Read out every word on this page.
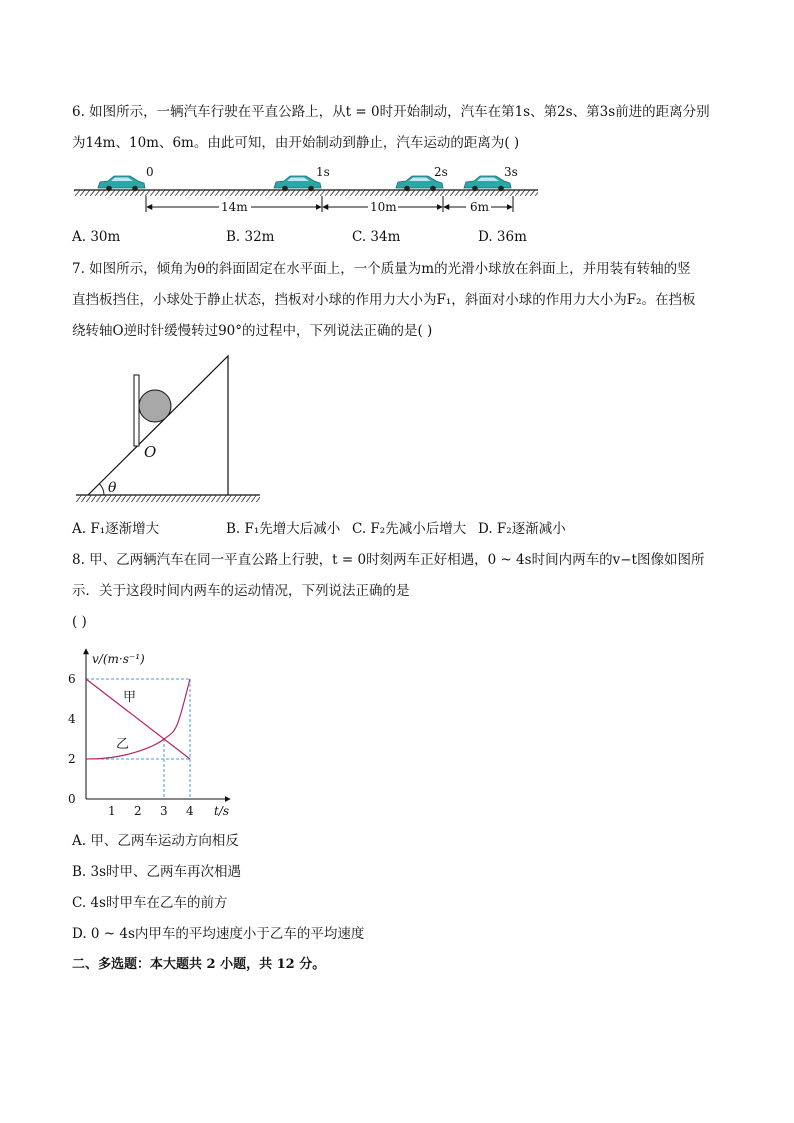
6. 如图所示，一辆汽车行驶在平直公路上，从t = 0时开始制动，汽车在第1s、第2s、第3s前进的距离分别
为14m、10m、6m。由此可知，由开始制动到静止，汽车运动的距离为( )
0	1s	2s	3s
14m	10m	6m
A. 30m	B. 32m	C. 34m	D. 36m
7. 如图所示，倾角为θ的斜面固定在水平面上，一个质量为m的光滑小球放在斜面上，并用装有转轴的竖
直挡板挡住，小球处于静止状态，挡板对小球的作用力大小为F₁，斜面对小球的作用力大小为F₂。在挡板
绕转轴O逆时针缓慢转过90°的过程中，下列说法正确的是( )
O
θ
A. F₁逐渐增大	B. F₁先增大后减小 C. F₂先减小后增大 D. F₂逐渐减小
8. 甲、乙两辆汽车在同一平直公路上行驶，t = 0时刻两车正好相遇，0 ~ 4s时间内两车的v−t图像如图所
示．关于这段时间内两车的运动情况，下列说法正确的是
( )
1 2 3 4
0
2
4
6
v/(m·s⁻¹)
t/s
甲
乙
A. 甲、乙两车运动方向相反
B. 3s时甲、乙两车再次相遇
C. 4s时甲车在乙车的前方
D. 0 ~ 4s内甲车的平均速度小于乙车的平均速度
二、多选题：本大题共 2 小题，共 12 分。
